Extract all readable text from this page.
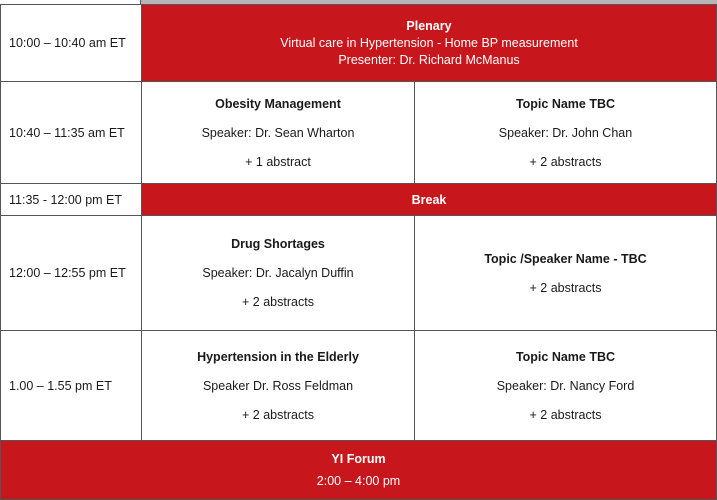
10:00 – 10:40 am ET
Plenary
Virtual care in Hypertension - Home BP measurement
Presenter: Dr. Richard McManus
10:40 – 11:35 am ET
Obesity Management
Speaker: Dr. Sean Wharton
+ 1 abstract
Topic Name TBC
Speaker: Dr. John Chan
+ 2 abstracts
11:35 - 12:00 pm ET	Break
12:00 – 12:55 pm ET
Drug Shortages
Speaker: Dr. Jacalyn Duffin
+ 2 abstracts
Topic /Speaker Name - TBC
+ 2 abstracts
1.00 – 1.55 pm ET
Hypertension in the Elderly
Speaker Dr. Ross Feldman
+ 2 abstracts
Topic Name TBC
Speaker: Dr. Nancy Ford
+ 2 abstracts
YI Forum
2:00 – 4:00 pm
